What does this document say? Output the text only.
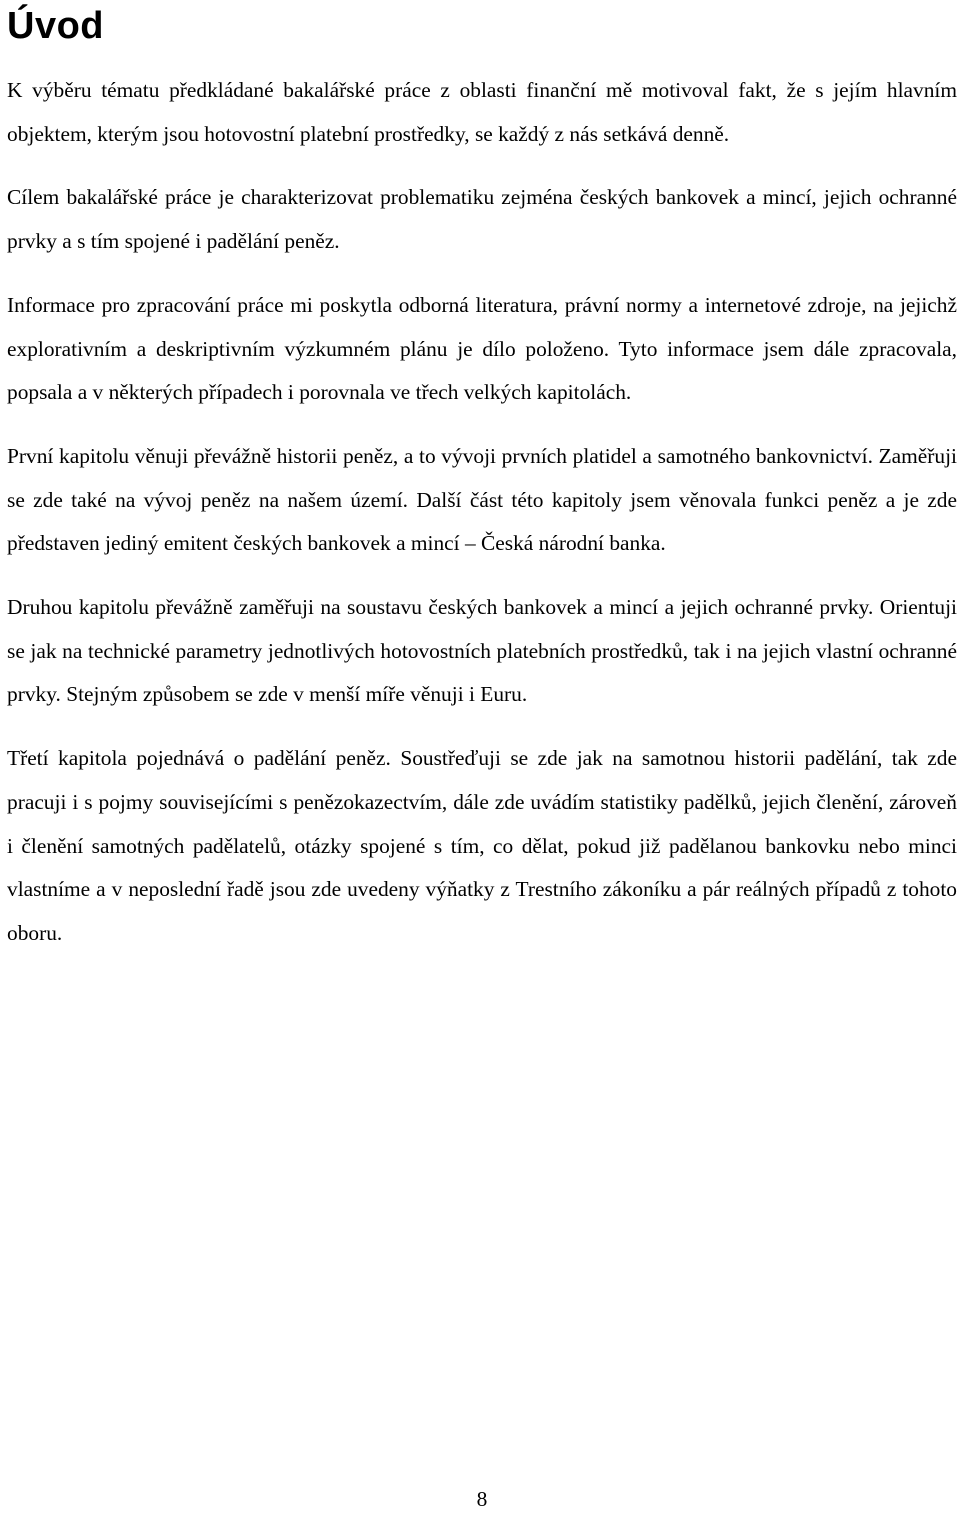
Úvod

K výběru tématu předkládané bakalářské práce z oblasti finanční mě motivoval fakt, že s jejím hlavním objektem, kterým jsou hotovostní platební prostředky, se každý z nás setkává denně.

Cílem bakalářské práce je charakterizovat problematiku zejména českých bankovek a mincí, jejich ochranné prvky a s tím spojené i padělání peněz.

Informace pro zpracování práce mi poskytla odborná literatura, právní normy a internetové zdroje, na jejichž explorativním a deskriptivním výzkumném plánu je dílo položeno. Tyto informace jsem dále zpracovala, popsala a v některých případech i porovnala ve třech velkých kapitolách.

První kapitolu věnuji převážně historii peněz, a to vývoji prvních platidel a samotného bankovnictví. Zaměřuji se zde také na vývoj peněz na našem území. Další část této kapitoly jsem věnovala funkci peněz a je zde představen jediný emitent českých bankovek a mincí – Česká národní banka.

Druhou kapitolu převážně zaměřuji na soustavu českých bankovek a mincí a jejich ochranné prvky. Orientuji se jak na technické parametry jednotlivých hotovostních platebních prostředků, tak i na jejich vlastní ochranné prvky. Stejným způsobem se zde v menší míře věnuji i Euru.

Třetí kapitola pojednává o padělání peněz. Soustřeďuji se zde jak na samotnou historii padělání, tak zde pracuji i s pojmy souvisejícími s penězokazectvím, dále zde uvádím statistiky padělků, jejich členění, zároveň i členění samotných padělatelů, otázky spojené s tím, co dělat, pokud již padělanou bankovku nebo minci vlastníme a v neposlední řadě jsou zde uvedeny výňatky z Trestního zákoníku a pár reálných případů z tohoto oboru.

8
